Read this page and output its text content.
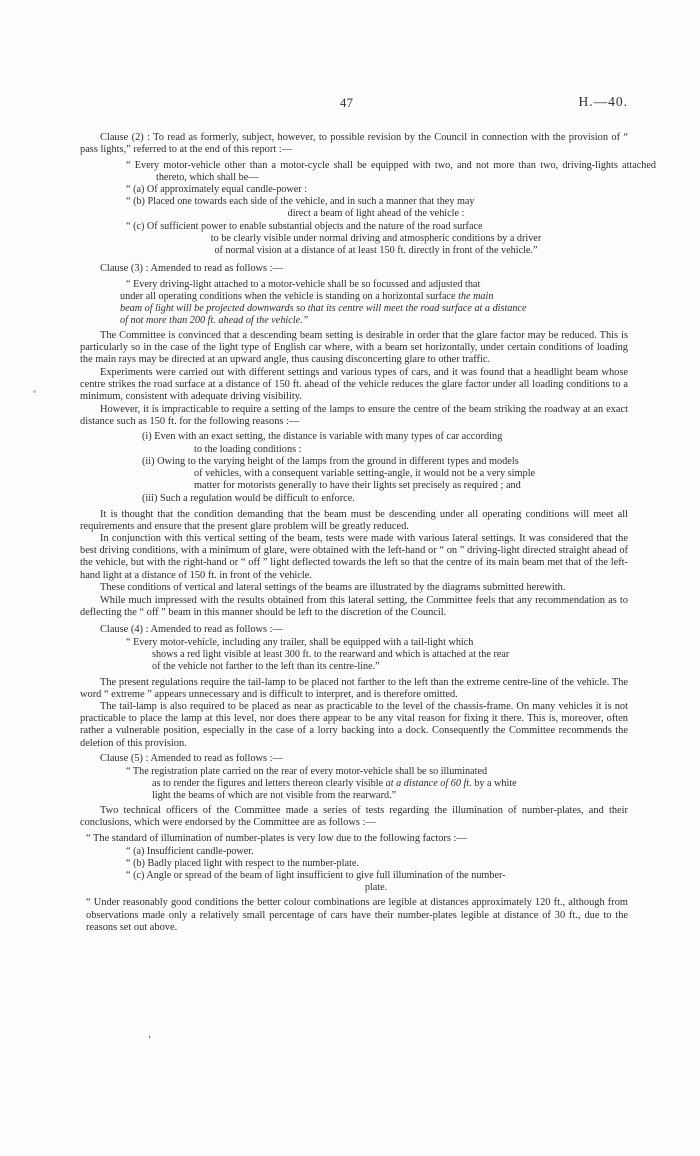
47	H.—40.

Clause (2) : To read as formerly, subject, however, to possible revision by the Council in connection with the provision of “ pass lights,” referred to at the end of this report :—

“ Every motor-vehicle other than a motor-cycle shall be equipped with two, and not more than two, driving-lights attached thereto, which shall be—

“ (a) Of approximately equal candle-power :

“ (b) Placed one towards each side of the vehicle, and in such a manner that they may

direct a beam of light ahead of the vehicle :

“ (c) Of sufficient power to enable substantial objects and the nature of the road surface

to be clearly visible under normal driving and atmospheric conditions by a driver

of normal vision at a distance of at least 150 ft. directly in front of the vehicle.”

Clause (3) : Amended to read as follows :—

“ Every driving-light attached to a motor-vehicle shall be so focussed and adjusted that

under all operating conditions when the vehicle is standing on a horizontal surface the main

beam of light will be projected downwards so that its centre will meet the road surface at a distance

of not more than 200 ft. ahead of the vehicle.”

The Committee is convinced that a descending beam setting is desirable in order that the glare factor may be reduced. This is particularly so in the case of the light type of English car where, with a beam set horizontally, under certain conditions of loading the main rays may be directed at an upward angle, thus causing disconcerting glare to other traffic.

Experiments were carried out with different settings and various types of cars, and it was found that a headlight beam whose centre strikes the road surface at a distance of 150 ft. ahead of the vehicle reduces the glare factor under all loading conditions to a minimum, consistent with adequate driving visibility.

However, it is impracticable to require a setting of the lamps to ensure the centre of the beam striking the roadway at an exact distance such as 150 ft. for the following reasons :—

(i) Even with an exact setting, the distance is variable with many types of car according
to the loading conditions :

(ii) Owing to the varying height of the lamps from the ground in different types and models
of vehicles, with a consequent variable setting-angle, it would not be a very simple
matter for motorists generally to have their lights set precisely as required ; and

(iii) Such a regulation would be difficult to enforce.

It is thought that the condition demanding that the beam must be descending under all operating conditions will meet all requirements and ensure that the present glare problem will be greatly reduced.

In conjunction with this vertical setting of the beam, tests were made with various lateral settings. It was considered that the best driving conditions, with a minimum of glare, were obtained with the left-hand or “ on ” driving-light directed straight ahead of the vehicle, but with the right-hand or “ off ” light deflected towards the left so that the centre of its main beam met that of the left-hand light at a distance of 150 ft. in front of the vehicle.

These conditions of vertical and lateral settings of the beams are illustrated by the diagrams submitted herewith.

While much impressed with the results obtained from this lateral setting, the Committee feels that any recommendation as to deflecting the “ off ” beam in this manner should be left to the discretion of the Council.

Clause (4) : Amended to read as follows :—

“ Every motor-vehicle, including any trailer, shall be equipped with a tail-light which

shows a red light visible at least 300 ft. to the rearward and which is attached at the rear

of the vehicle not farther to the left than its centre-line.”

The present regulations require the tail-lamp to be placed not farther to the left than the extreme centre-line of the vehicle. The word “ extreme ” appears unnecessary and is difficult to interpret, and is therefore omitted.

The tail-lamp is also required to be placed as near as practicable to the level of the chassis-frame. On many vehicles it is not practicable to place the lamp at this level, nor does there appear to be any vital reason for fixing it there. This is, moreover, often rather a vulnerable position, especially in the case of a lorry backing into a dock. Consequently the Committee recommends the deletion of this provision.

Clause (5) : Amended to read as follows :—

“ The registration plate carried on the rear of every motor-vehicle shall be so illuminated

as to render the figures and letters thereon clearly visible at a distance of 60 ft. by a white

light the beams of which are not visible from the rearward.”

Two technical officers of the Committee made a series of tests regarding the illumination of number-plates, and their conclusions, which were endorsed by the Committee are as follows :—

“ The standard of illumination of number-plates is very low due to the following factors :—

“ (a) Insufficient candle-power.

“ (b) Badly placed light with respect to the number-plate.

“ (c) Angle or spread of the beam of light insufficient to give full illumination of the number-

plate.

“ Under reasonably good conditions the better colour combinations are legible at distances approximately 120 ft., although from observations made only a relatively small percentage of cars have their number-plates legible at distance of 30 ft., due to the reasons set out above.

’
